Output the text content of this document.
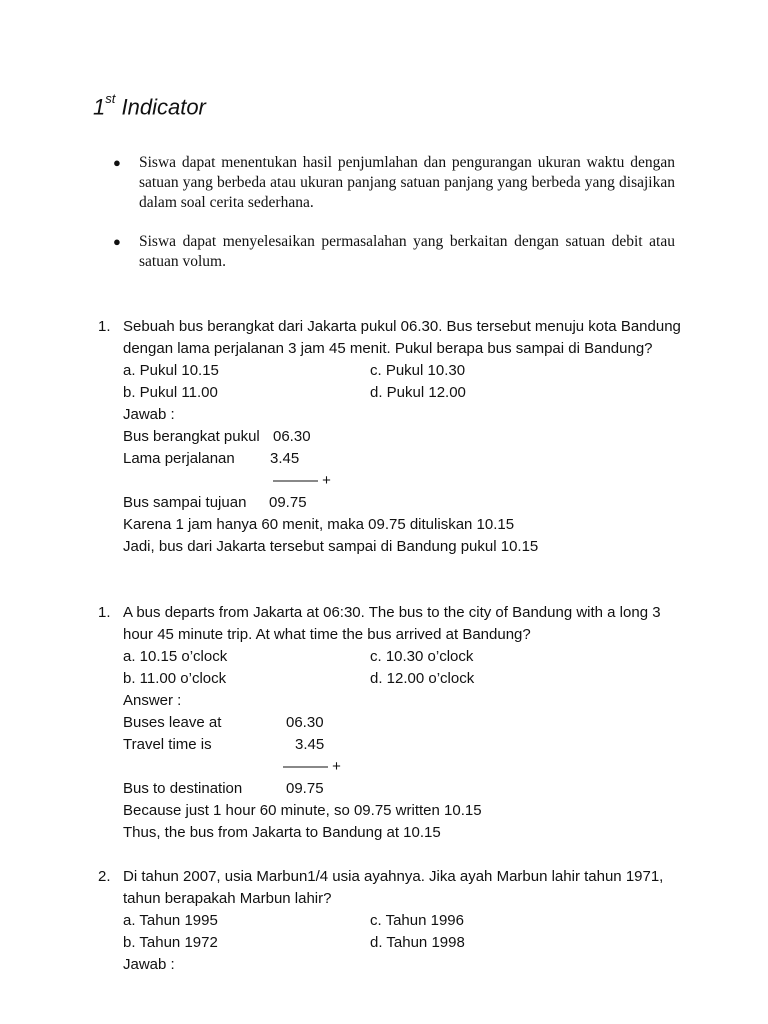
1st Indicator
●	Siswa dapat menentukan hasil penjumlahan dan pengurangan ukuran waktu dengan satuan yang berbeda atau ukuran panjang satuan panjang yang berbeda yang disajikan dalam soal cerita sederhana.
●	Siswa dapat menyelesaikan permasalahan yang berkaitan dengan satuan debit atau satuan volum.
1. Sebuah bus berangkat dari Jakarta pukul 06.30. Bus tersebut menuju kota Bandung dengan lama perjalanan 3 jam 45 menit. Pukul berapa bus sampai di Bandung?
a. Pukul 10.15	c. Pukul 10.30
b. Pukul 11.00	d. Pukul 12.00
Jawab :
Bus berangkat pukul 06.30
Lama perjalanan	3.45
——— +
Bus sampai tujuan	09.75
Karena 1 jam hanya 60 menit, maka 09.75 dituliskan 10.15
Jadi, bus dari Jakarta tersebut sampai di Bandung pukul 10.15
1. A bus departs from Jakarta at 06:30. The bus to the city of Bandung with a long 3 hour 45 minute trip. At what time the bus arrived at Bandung?
a. 10.15 o’clock	c. 10.30 o’clock
b. 11.00 o’clock	d. 12.00 o’clock
Answer :
Buses leave at	06.30
Travel time is	3.45
——— +
Bus to destination	09.75
Because just 1 hour 60 minute, so 09.75 written 10.15
Thus, the bus from Jakarta to Bandung at 10.15
2. Di tahun 2007, usia Marbun1/4 usia ayahnya. Jika ayah Marbun lahir tahun 1971, tahun berapakah Marbun lahir?
a. Tahun 1995	c. Tahun 1996
b. Tahun 1972	d. Tahun 1998
Jawab :
